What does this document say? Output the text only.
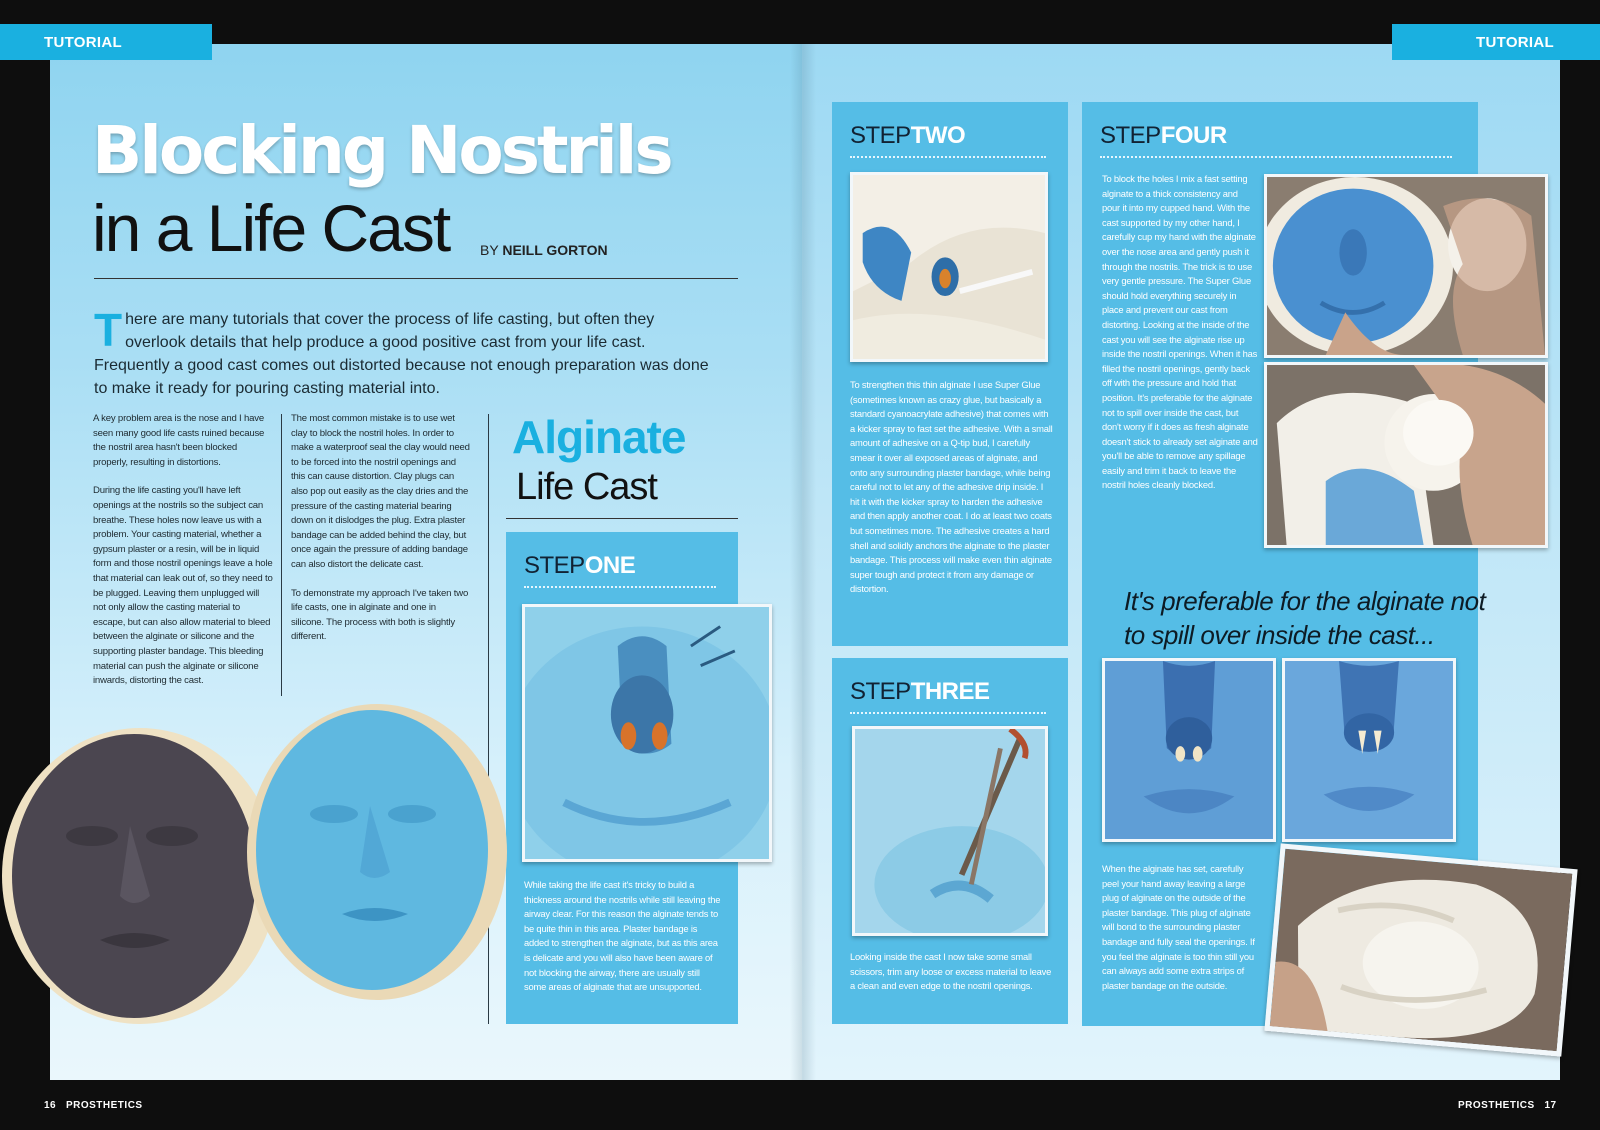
TUTORIAL	TUTORIAL
Blocking Nostrils
in a Life Cast BY NEILL GORTON
There are many tutorials that cover the process of life casting, but often they overlook details that help produce a good positive cast from your life cast. Frequently a good cast comes out distorted because not enough preparation was done to make it ready for pouring casting material into.

A key problem area is the nose and I have seen many good life casts ruined because the nostril area hasn't been blocked properly, resulting in distortions.

During the life casting you'll have left openings at the nostrils so the subject can breathe. These holes now leave us with a problem. Your casting material, whether a gypsum plaster or a resin, will be in liquid form and those nostril openings leave a hole that material can leak out of, so they need to be plugged. Leaving them unplugged will not only allow the casting material to escape, but can also allow material to bleed between the alginate or silicone and the supporting plaster bandage. This bleeding material can push the alginate or silicone inwards, distorting the cast.

The most common mistake is to use wet clay to block the nostril holes. In order to make a waterproof seal the clay would need to be forced into the nostril openings and this can cause distortion. Clay plugs can also pop out easily as the clay dries and the pressure of the casting material bearing down on it dislodges the plug. Extra plaster bandage can be added behind the clay, but once again the pressure of adding bandage can also distort the delicate cast.

To demonstrate my approach I've taken two life casts, one in alginate and one in silicone. The process with both is slightly different.

Alginate
Life Cast
STEPONE
While taking the life cast it's tricky to build a thickness around the nostrils while still leaving the airway clear. For this reason the alginate tends to be quite thin in this area. Plaster bandage is added to strengthen the alginate, but as this area is delicate and you will also have been aware of not blocking the airway, there are usually still some areas of alginate that are unsupported.
STEPTWO
To strengthen this thin alginate I use Super Glue (sometimes known as crazy glue, but basically a standard cyanoacrylate adhesive) that comes with a kicker spray to fast set the adhesive. With a small amount of adhesive on a Q-tip bud, I carefully smear it over all exposed areas of alginate, and onto any surrounding plaster bandage, while being careful not to let any of the adhesive drip inside. I hit it with the kicker spray to harden the adhesive and then apply another coat. I do at least two coats but sometimes more. The adhesive creates a hard shell and solidly anchors the alginate to the plaster bandage. This process will make even thin alginate super tough and protect it from any damage or distortion.
STEPTHREE
Looking inside the cast I now take some small scissors, trim any loose or excess material to leave a clean and even edge to the nostril openings.
STEPFOUR
To block the holes I mix a fast setting alginate to a thick consistency and pour it into my cupped hand. With the cast supported by my other hand, I carefully cup my hand with the alginate over the nose area and gently push it through the nostrils. The trick is to use very gentle pressure. The Super Glue should hold everything securely in place and prevent our cast from distorting. Looking at the inside of the cast you will see the alginate rise up inside the nostril openings. When it has filled the nostril openings, gently back off with the pressure and hold that position. It's preferable for the alginate not to spill over inside the cast, but don't worry if it does as fresh alginate doesn't stick to already set alginate and you'll be able to remove any spillage easily and trim it back to leave the nostril holes cleanly blocked.
When the alginate has set, carefully peel your hand away leaving a large plug of alginate on the outside of the plaster bandage. This plug of alginate will bond to the surrounding plaster bandage and fully seal the openings. If you feel the alginate is too thin still you can always add some extra strips of plaster bandage on the outside.
It's preferable for the alginate not to spill over inside the cast...
16 PROSTHETICS	PROSTHETICS 17
